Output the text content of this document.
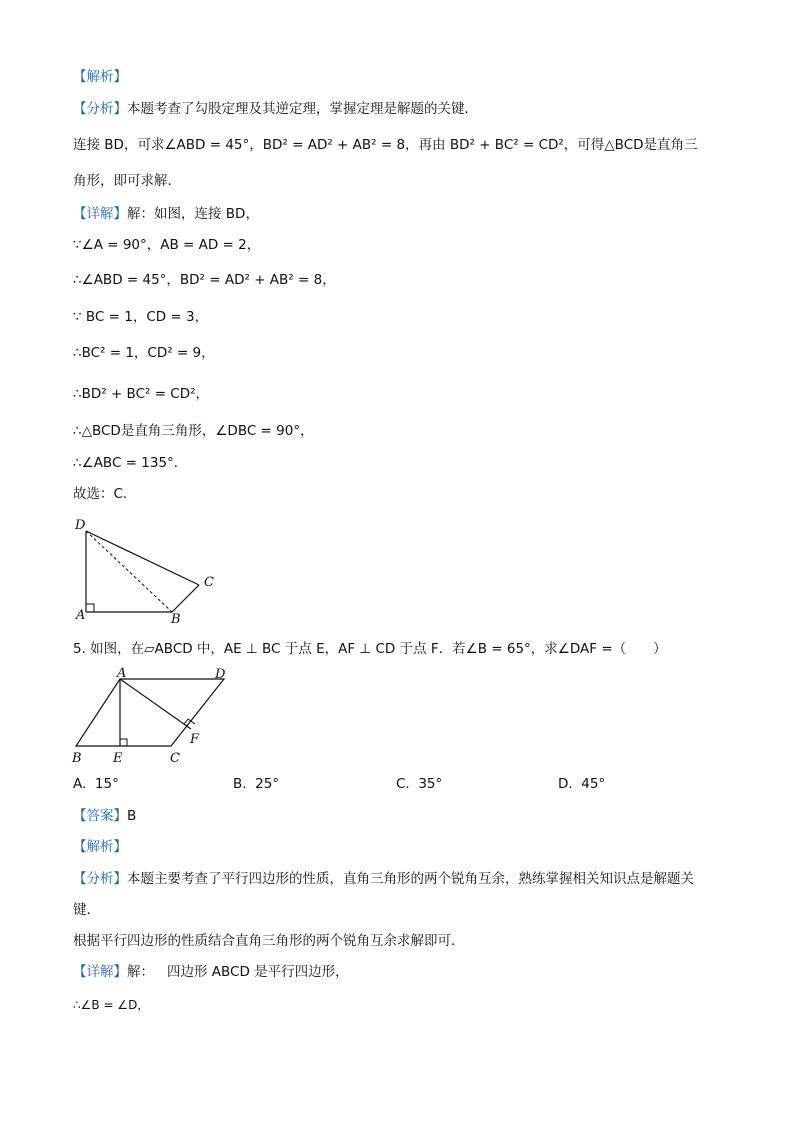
【解析】
【分析】本题考查了勾股定理及其逆定理，掌握定理是解题的关键．
连接 BD，可求∠ABD = 45°，BD² = AD² + AB² = 8，再由 BD² + BC² = CD²，可得△BCD是直角三
角形，即可求解．
【详解】解：如图，连接 BD，
∵∠A = 90°，AB = AD = 2，
∴∠ABD = 45°，BD² = AD² + AB² = 8，
∵ BC = 1，CD = 3，
∴BC² = 1，CD² = 9，
∴BD² + BC² = CD²，
∴△BCD是直角三角形，∠DBC = 90°，
∴∠ABC = 135°．
故选：C．
D
C
A	B
5. 如图，在▱ABCD 中，AE ⊥ BC 于点 E，AF ⊥ CD 于点 F．若∠B = 65°，求∠DAF =（　　）
A	D
F
B E	C
A. 15°	B. 25°	C. 35°	D. 45°
【答案】B
【解析】
【分析】本题主要考查了平行四边形的性质，直角三角形的两个锐角互余，熟练掌握相关知识点是解题关
键．
根据平行四边形的性质结合直角三角形的两个锐角互余求解即可．
【详解】解： 四边形 ABCD 是平行四边形，
∴∠B = ∠D，
